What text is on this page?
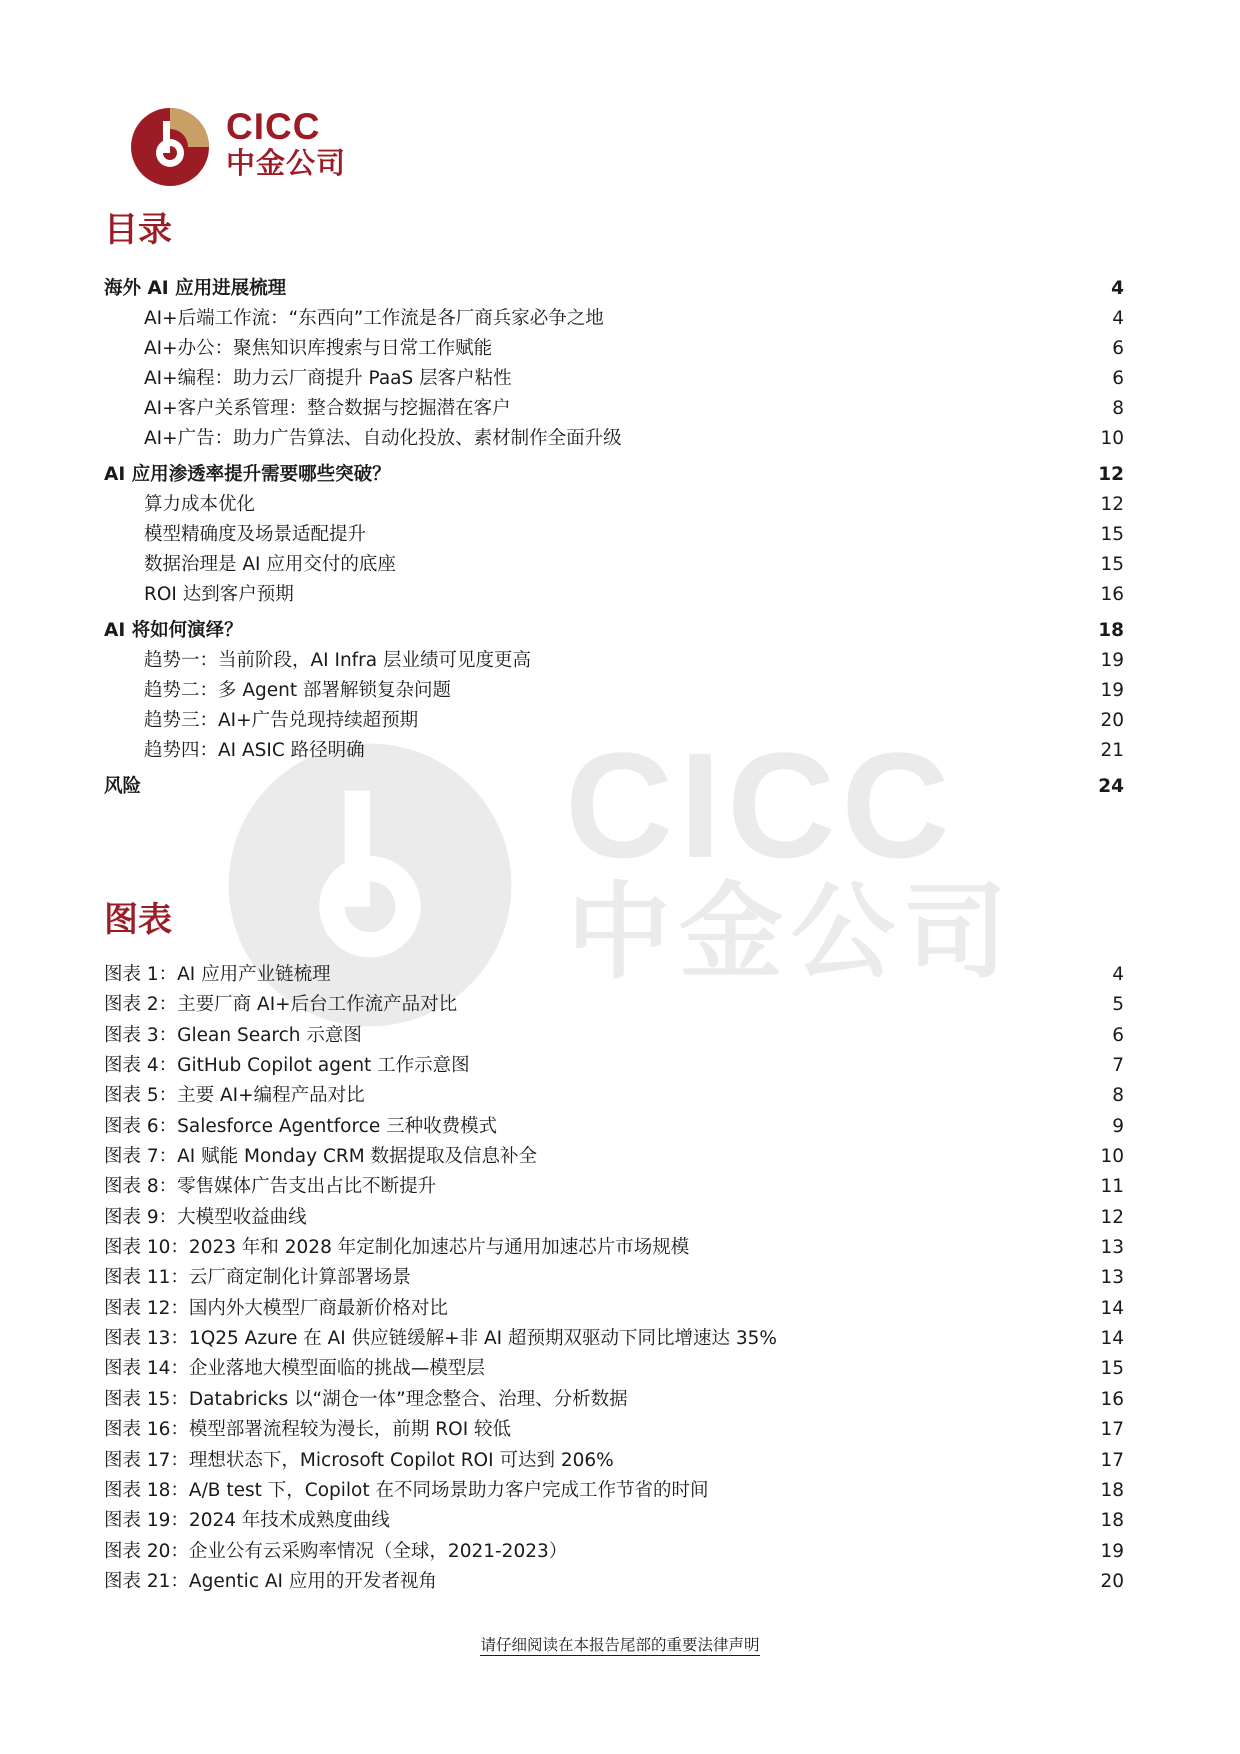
CICC
中金公司
CICC
中金公司
目录
海外 AI 应用进展梳理	4
AI+后端工作流：“东西向”工作流是各厂商兵家必争之地	4
AI+办公：聚焦知识库搜索与日常工作赋能	6
AI+编程：助力云厂商提升 PaaS 层客户粘性	6
AI+客户关系管理：整合数据与挖掘潜在客户	8
AI+广告：助力广告算法、自动化投放、素材制作全面升级	10
AI 应用渗透率提升需要哪些突破？	12
算力成本优化	12
模型精确度及场景适配提升	15
数据治理是 AI 应用交付的底座	15
ROI 达到客户预期	16
AI 将如何演绎？	18
趋势一：当前阶段，AI Infra 层业绩可见度更高	19
趋势二：多 Agent 部署解锁复杂问题	19
趋势三：AI+广告兑现持续超预期	20
趋势四：AI ASIC 路径明确	21
风险	24
图表
图表 1：AI 应用产业链梳理	4
图表 2：主要厂商 AI+后台工作流产品对比	5
图表 3：Glean Search 示意图	6
图表 4：GitHub Copilot agent 工作示意图	7
图表 5：主要 AI+编程产品对比	8
图表 6：Salesforce Agentforce 三种收费模式	9
图表 7：AI 赋能 Monday CRM 数据提取及信息补全	10
图表 8：零售媒体广告支出占比不断提升	11
图表 9：大模型收益曲线	12
图表 10：2023 年和 2028 年定制化加速芯片与通用加速芯片市场规模	13
图表 11：云厂商定制化计算部署场景	13
图表 12：国内外大模型厂商最新价格对比	14
图表 13：1Q25 Azure 在 AI 供应链缓解+非 AI 超预期双驱动下同比增速达 35%	14
图表 14：企业落地大模型面临的挑战—模型层	15
图表 15：Databricks 以“湖仓一体”理念整合、治理、分析数据	16
图表 16：模型部署流程较为漫长，前期 ROI 较低	17
图表 17：理想状态下，Microsoft Copilot ROI 可达到 206%	17
图表 18：A/B test 下，Copilot 在不同场景助力客户完成工作节省的时间	18
图表 19：2024 年技术成熟度曲线	18
图表 20：企业公有云采购率情况（全球，2021-2023）	19
图表 21：Agentic AI 应用的开发者视角	20
请仔细阅读在本报告尾部的重要法律声明
